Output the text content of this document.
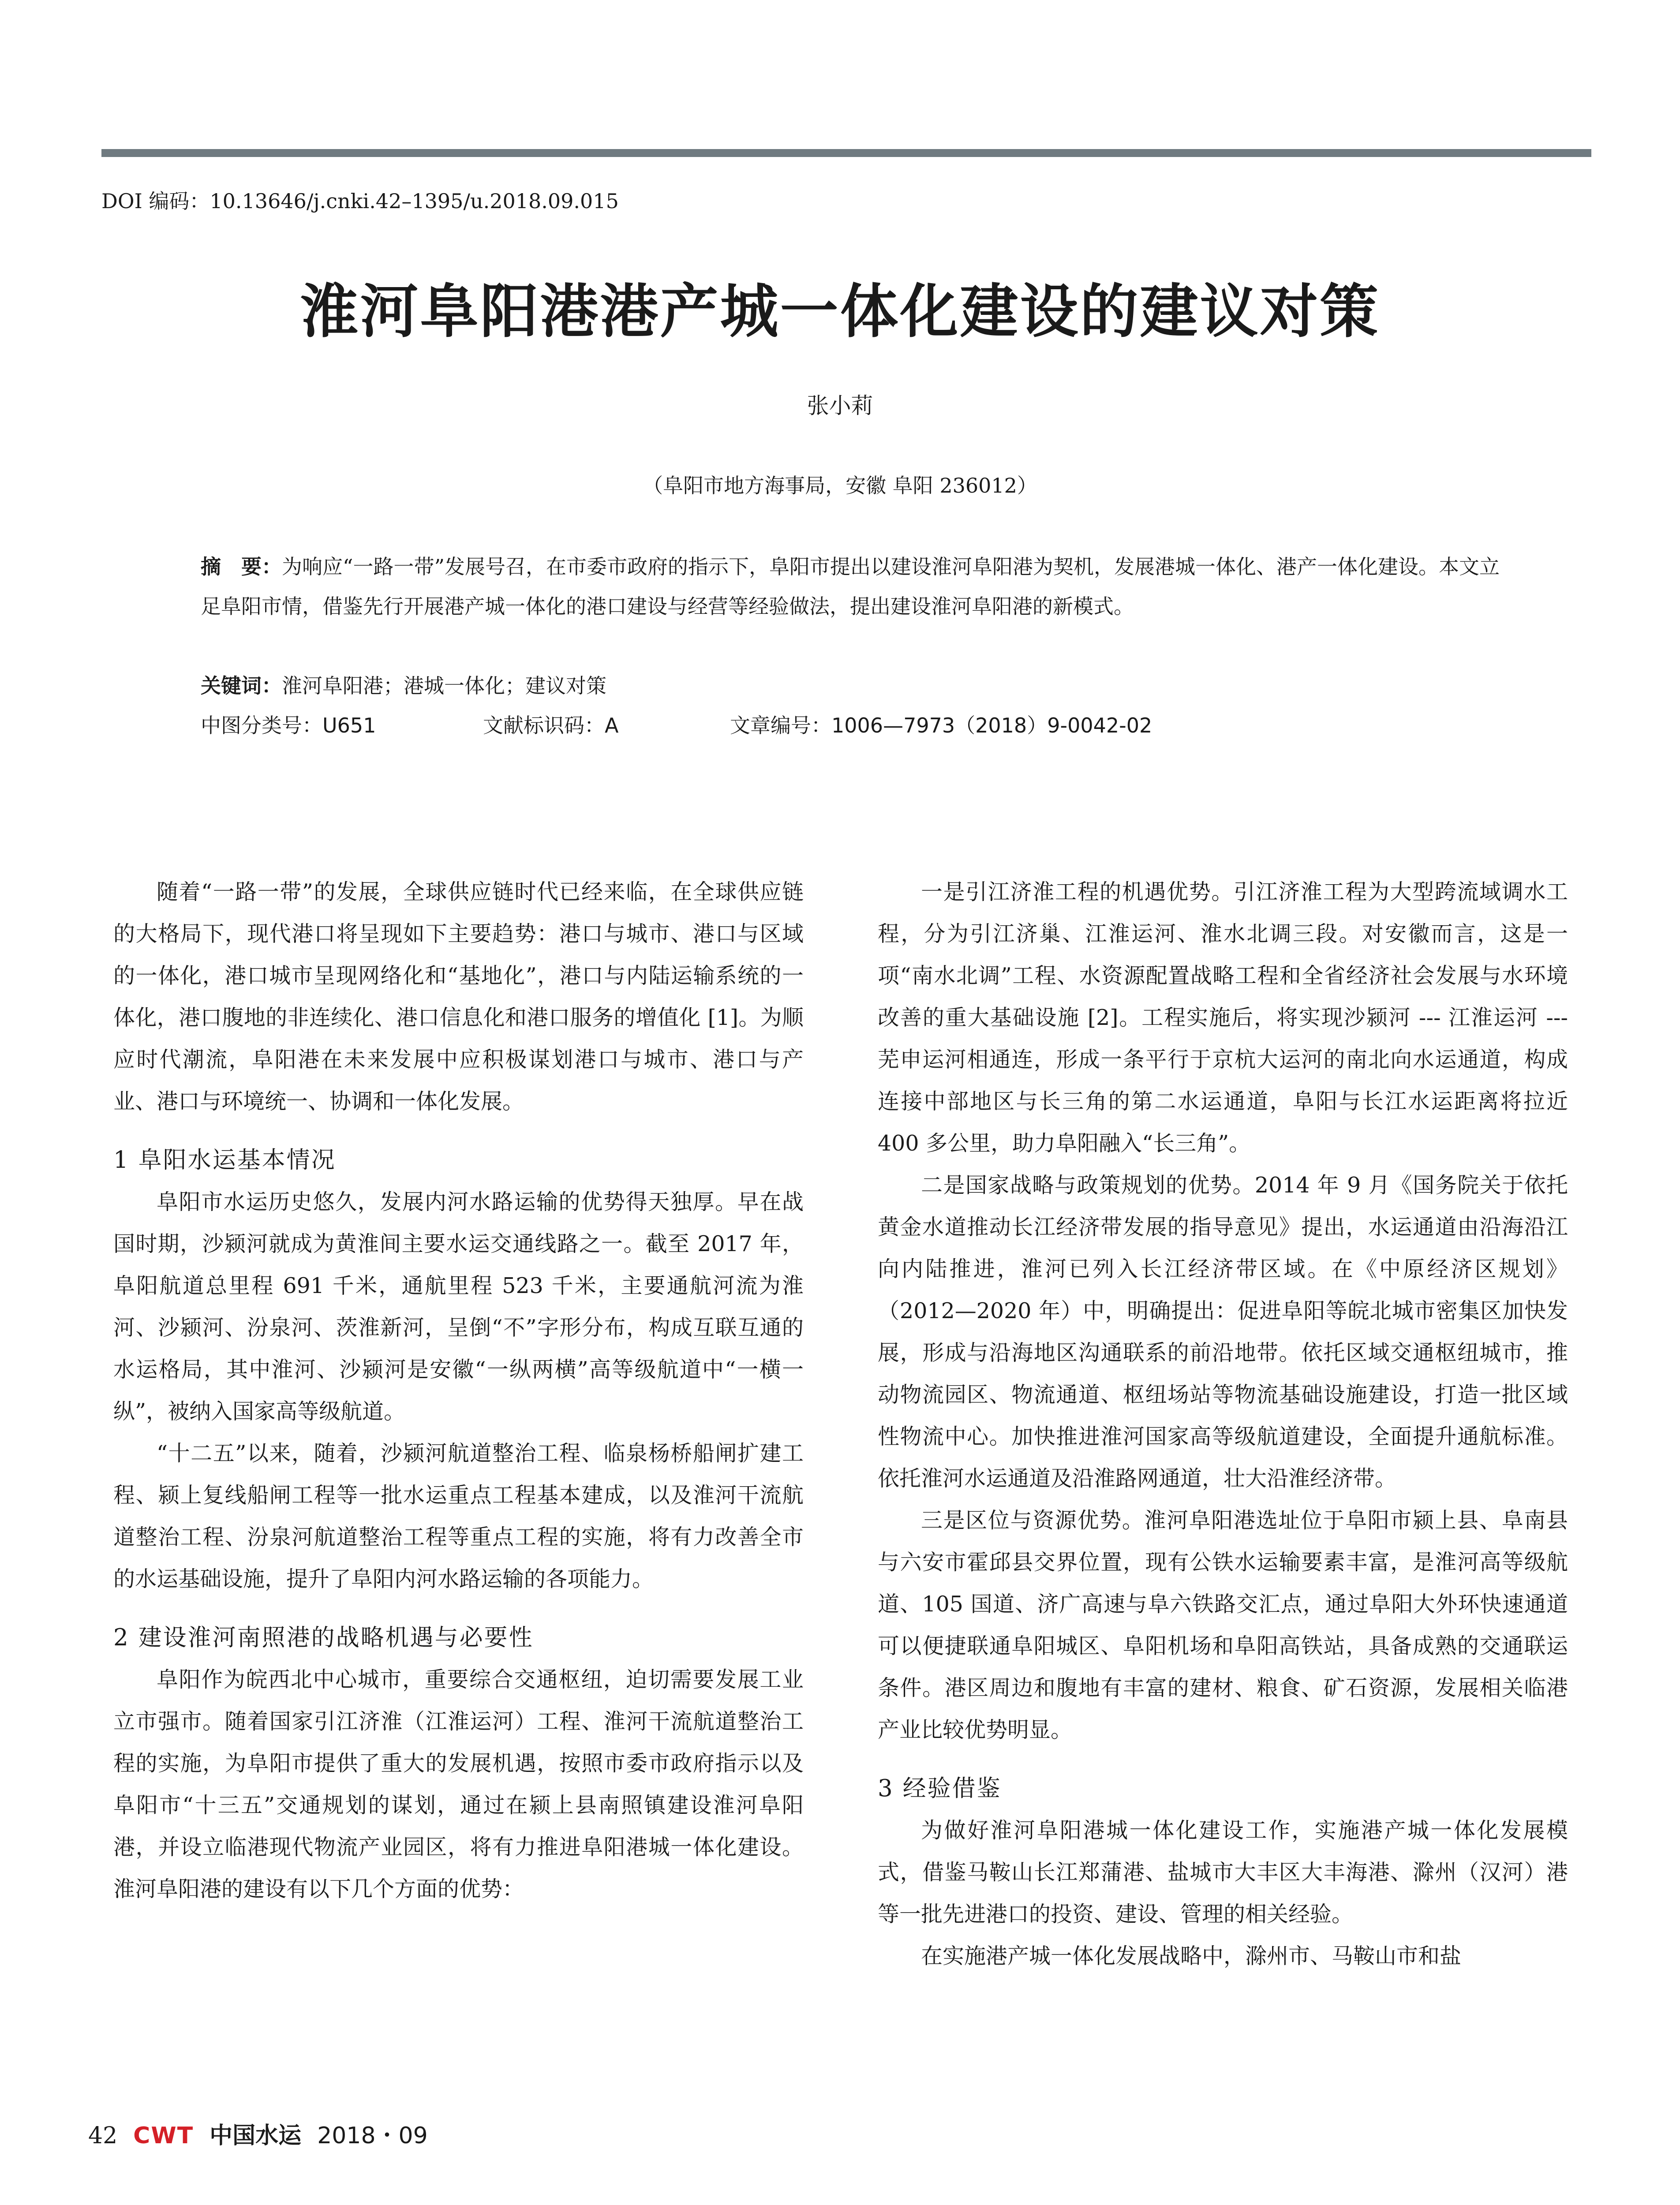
DOI 编码：10.13646/j.cnki.42–1395/u.2018.09.015
淮河阜阳港港产城一体化建设的建议对策
张小莉
（阜阳市地方海事局，安徽 阜阳 236012）
摘　要：为响应“一路一带”发展号召，在市委市政府的指示下，阜阳市提出以建设淮河阜阳港为契机，发展港城一体化、港产一体化建设。本文立足阜阳市情，借鉴先行开展港产城一体化的港口建设与经营等经验做法，提出建设淮河阜阳港的新模式。
关键词：淮河阜阳港；港城一体化；建议对策
中图分类号：U651	文献标识码：A	文章编号：1006—7973（2018）9-0042-02

随着“一路一带”的发展，全球供应链时代已经来临，在全球供应链的大格局下，现代港口将呈现如下主要趋势：港口与城市、港口与区域的一体化，港口城市呈现网络化和“基地化”，港口与内陆运输系统的一体化，港口腹地的非连续化、港口信息化和港口服务的增值化 [1]。为顺应时代潮流，阜阳港在未来发展中应积极谋划港口与城市、港口与产业、港口与环境统一、协调和一体化发展。

1 阜阳水运基本情况

阜阳市水运历史悠久，发展内河水路运输的优势得天独厚。早在战国时期，沙颍河就成为黄淮间主要水运交通线路之一。截至 2017 年，阜阳航道总里程 691 千米，通航里程 523 千米，主要通航河流为淮河、沙颍河、汾泉河、茨淮新河，呈倒“不”字形分布，构成互联互通的水运格局，其中淮河、沙颍河是安徽“一纵两横”高等级航道中“一横一纵”，被纳入国家高等级航道。

“十二五”以来，随着，沙颍河航道整治工程、临泉杨桥船闸扩建工程、颍上复线船闸工程等一批水运重点工程基本建成，以及淮河干流航道整治工程、汾泉河航道整治工程等重点工程的实施，将有力改善全市的水运基础设施，提升了阜阳内河水路运输的各项能力。

2 建设淮河南照港的战略机遇与必要性

阜阳作为皖西北中心城市，重要综合交通枢纽，迫切需要发展工业立市强市。随着国家引江济淮（江淮运河）工程、淮河干流航道整治工程的实施，为阜阳市提供了重大的发展机遇，按照市委市政府指示以及阜阳市“十三五”交通规划的谋划，通过在颍上县南照镇建设淮河阜阳港，并设立临港现代物流产业园区，将有力推进阜阳港城一体化建设。淮河阜阳港的建设有以下几个方面的优势：

一是引江济淮工程的机遇优势。引江济淮工程为大型跨流域调水工程，分为引江济巢、江淮运河、淮水北调三段。对安徽而言，这是一项“南水北调”工程、水资源配置战略工程和全省经济社会发展与水环境改善的重大基础设施 [2]。工程实施后，将实现沙颍河 --- 江淮运河 --- 芜申运河相通连，形成一条平行于京杭大运河的南北向水运通道，构成连接中部地区与长三角的第二水运通道，阜阳与长江水运距离将拉近 400 多公里，助力阜阳融入“长三角”。

二是国家战略与政策规划的优势。2014 年 9 月《国务院关于依托黄金水道推动长江经济带发展的指导意见》提出，水运通道由沿海沿江向内陆推进，淮河已列入长江经济带区域。在《中原经济区规划》（2012—2020 年）中，明确提出：促进阜阳等皖北城市密集区加快发展，形成与沿海地区沟通联系的前沿地带。依托区域交通枢纽城市，推动物流园区、物流通道、枢纽场站等物流基础设施建设，打造一批区域性物流中心。加快推进淮河国家高等级航道建设，全面提升通航标准。依托淮河水运通道及沿淮路网通道，壮大沿淮经济带。

三是区位与资源优势。淮河阜阳港选址位于阜阳市颍上县、阜南县与六安市霍邱县交界位置，现有公铁水运输要素丰富，是淮河高等级航道、105 国道、济广高速与阜六铁路交汇点，通过阜阳大外环快速通道可以便捷联通阜阳城区、阜阳机场和阜阳高铁站，具备成熟的交通联运条件。港区周边和腹地有丰富的建材、粮食、矿石资源，发展相关临港产业比较优势明显。

3 经验借鉴

为做好淮河阜阳港城一体化建设工作，实施港产城一体化发展模式，借鉴马鞍山长江郑蒲港、盐城市大丰区大丰海港、滁州（汉河）港等一批先进港口的投资、建设、管理的相关经验。

在实施港产城一体化发展战略中，滁州市、马鞍山市和盐

42 CWT 中国水运 2018・09
